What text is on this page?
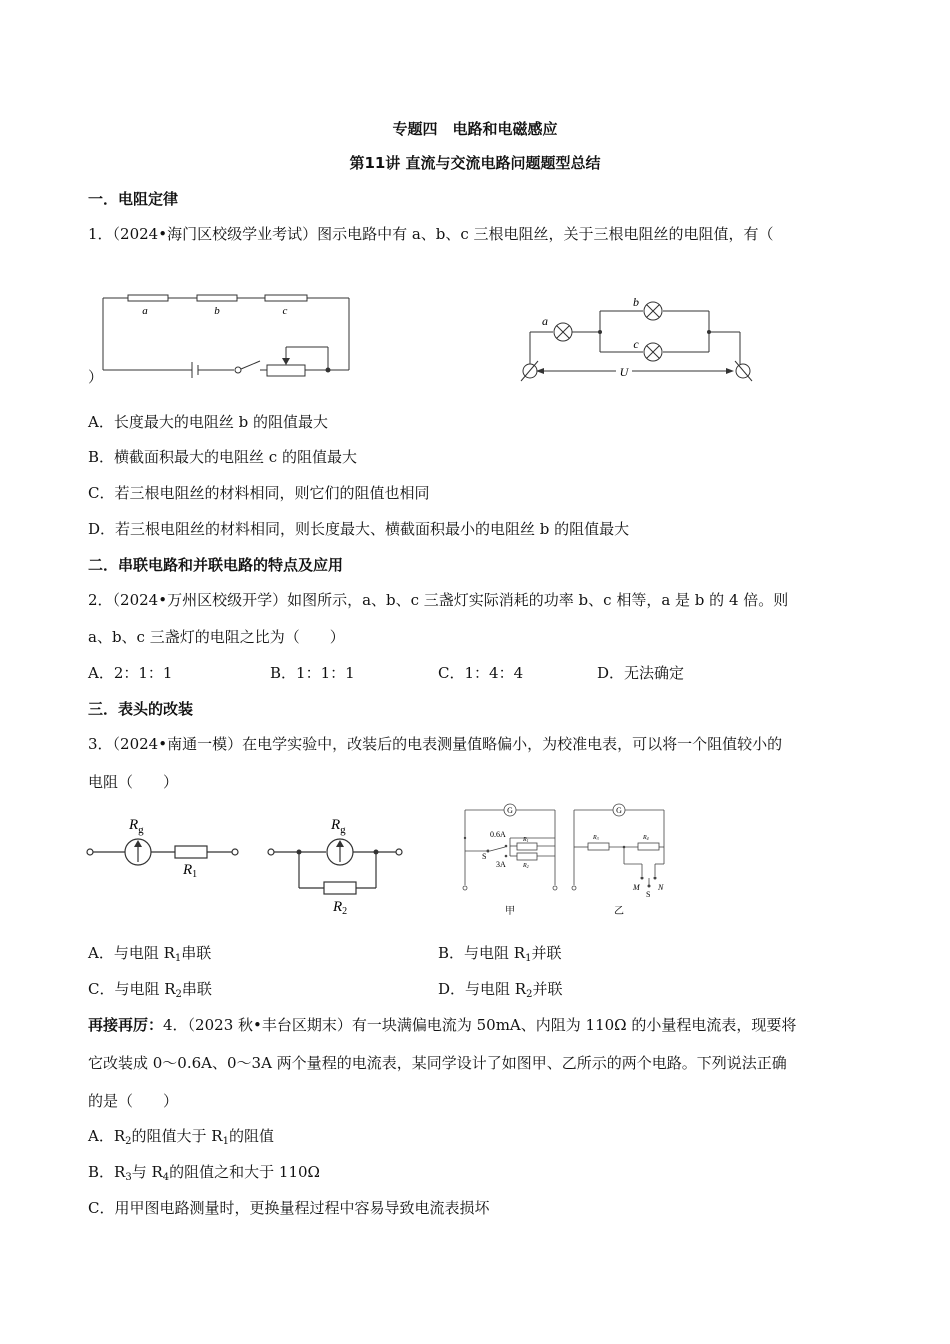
专题四　电路和电磁感应
第11讲 直流与交流电路问题题型总结
一．电阻定律
1．（2024•海门区校级学业考试）图示电路中有 a、b、c 三根电阻丝，关于三根电阻丝的电阻值，有（
a	b	c
）
a
b
c
U
A．长度最大的电阻丝 b 的阻值最大
B．横截面积最大的电阻丝 c 的阻值最大
C．若三根电阻丝的材料相同，则它们的阻值也相同
D．若三根电阻丝的材料相同，则长度最大、横截面积最小的电阻丝 b 的阻值最大
二．串联电路和并联电路的特点及应用
2．（2024•万州区校级开学）如图所示，a、b、c 三盏灯实际消耗的功率 b、c 相等，a 是 b 的 4 倍。则
a、b、c 三盏灯的电阻之比为（　　）
A．2：1：1	B．1：1：1	C．1：4：4	D．无法确定
三．表头的改装
3．（2024•南通一模）在电学实验中，改装后的电表测量值略偏小，为校准电表，可以将一个阻值较小的
电阻（　　）
$R_g$
$R_1$
$R_g$
$R_2$
G
0.6A
3A
S
R1
R2
甲
G
R3	R4
M N
S
乙
A．与电阻 $R_1$串联	B．与电阻 $R_1$并联
C．与电阻 $R_2$串联	D．与电阻 $R_2$并联
再接再厉：4．（2023 秋•丰台区期末）有一块满偏电流为 50mA、内阻为 110Ω 的小量程电流表，现要将
它改装成 0～0.6A、0～3A 两个量程的电流表，某同学设计了如图甲、乙所示的两个电路。下列说法正确
的是（　　）
A．$R_2$的阻值大于 $R_1$的阻值
B．$R_3$与 $R_4$的阻值之和大于 110Ω
C．用甲图电路测量时，更换量程过程中容易导致电流表损坏
